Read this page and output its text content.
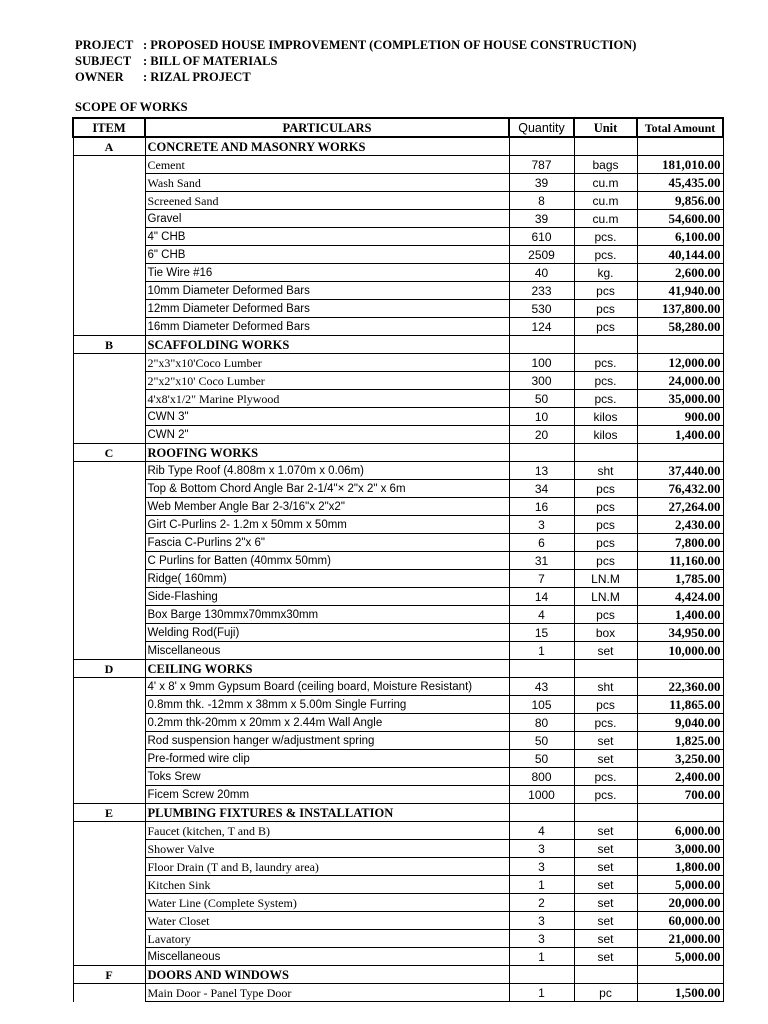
PROJECT : PROPOSED HOUSE IMPROVEMENT (COMPLETION OF HOUSE CONSTRUCTION)
SUBJECT : BILL OF MATERIALS
OWNER	: RIZAL PROJECT
SCOPE OF WORKS
ITEM	PARTICULARS	Quantity	Unit	Total Amount
A	CONCRETE AND MASONRY WORKS			
	Cement	787	bags	181,010.00
	Wash Sand	39	cu.m	45,435.00
	Screened Sand	8	cu.m	9,856.00
	Gravel	39	cu.m	54,600.00
	4" CHB	610	pcs.	6,100.00
	6" CHB	2509	pcs.	40,144.00
	Tie Wire #16	40	kg.	2,600.00
	10mm Diameter Deformed Bars	233	pcs	41,940.00
	12mm Diameter Deformed Bars	530	pcs	137,800.00
	16mm Diameter Deformed Bars	124	pcs	58,280.00
B	SCAFFOLDING WORKS			
	2"x3"x10'Coco Lumber	100	pcs.	12,000.00
	2"x2"x10' Coco Lumber	300	pcs.	24,000.00
	4'x8'x1/2" Marine Plywood	50	pcs.	35,000.00
	CWN 3"	10	kilos	900.00
	CWN 2"	20	kilos	1,400.00
C	ROOFING WORKS			
	Rib Type Roof (4.808m x 1.070m x 0.06m)	13	sht	37,440.00
	Top & Bottom Chord Angle Bar 2-1/4"× 2"x 2" x 6m	34	pcs	76,432.00
	Web Member Angle Bar 2-3/16"x 2"x2"	16	pcs	27,264.00
	Girt C-Purlins 2- 1.2m x 50mm x 50mm	3	pcs	2,430.00
	Fascia C-Purlins 2"x 6"	6	pcs	7,800.00
	C Purlins for Batten (40mmx 50mm)	31	pcs	11,160.00
	Ridge( 160mm)	7	LN.M	1,785.00
	Side-Flashing	14	LN.M	4,424.00
	Box Barge 130mmx70mmx30mm	4	pcs	1,400.00
	Welding Rod(Fuji)	15	box	34,950.00
	Miscellaneous	1	set	10,000.00
D	CEILING WORKS			
	4' x 8' x 9mm Gypsum Board (ceiling board, Moisture Resistant)	43	sht	22,360.00
	0.8mm thk. -12mm x 38mm x 5.00m Single Furring	105	pcs	11,865.00
	0.2mm thk-20mm x 20mm x 2.44m Wall Angle	80	pcs.	9,040.00
	Rod suspension hanger w/adjustment spring	50	set	1,825.00
	Pre-formed wire clip	50	set	3,250.00
	Toks Srew	800	pcs.	2,400.00
	Ficem Screw 20mm	1000	pcs.	700.00
E	PLUMBING FIXTURES & INSTALLATION			
	Faucet (kitchen, T and B)	4	set	6,000.00
	Shower Valve	3	set	3,000.00
	Floor Drain (T and B, laundry area)	3	set	1,800.00
	Kitchen Sink	1	set	5,000.00
	Water Line (Complete System)	2	set	20,000.00
	Water Closet	3	set	60,000.00
	Lavatory	3	set	21,000.00
	Miscellaneous	1	set	5,000.00
F	DOORS AND WINDOWS			
	Main Door - Panel Type Door	1	pc	1,500.00
